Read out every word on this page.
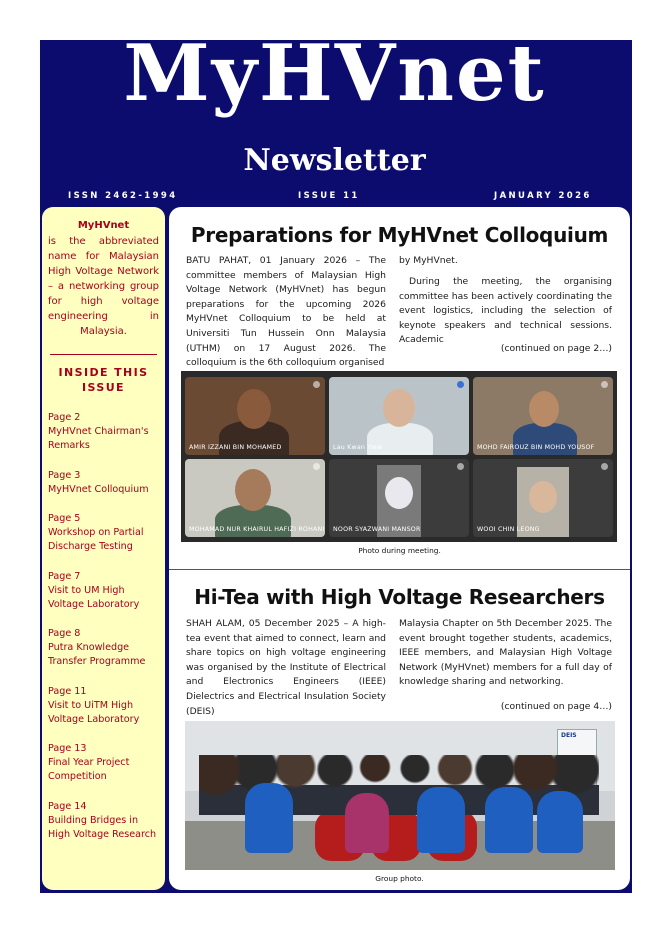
MyHVnet
Newsletter
ISSN 2462-1994	ISSUE 11	JANUARY 2026
MyHVnet
is the abbreviated name for Malaysian High Voltage Network – a networking group for high voltage engineering in Malaysia.
INSIDE THIS ISSUE
Page 2
MyHVnet Chairman's Remarks
Page 3
MyHVnet Colloquium
Page 5
Workshop on Partial Discharge Testing
Page 7
Visit to UM High Voltage Laboratory
Page 8
Putra Knowledge Transfer Programme
Page 11
Visit to UiTM High Voltage Laboratory
Page 13
Final Year Project Competition
Page 14
Building Bridges in High Voltage Research
Preparations for MyHVnet Colloquium
BATU PAHAT, 01 January 2026 – The committee members of Malaysian High Voltage Network (MyHVnet) has begun preparations for the upcoming 2026 MyHVnet Colloquium to be held at Universiti Tun Hussein Onn Malaysia (UTHM) on 17 August 2026. The colloquium is the 6th colloquium organised
by MyHVnet.
During the meeting, the organising committee has been actively coordinating the event logistics, including the selection of keynote speakers and technical sessions. Academic
(continued on page 2…)
AMIR IZZANI BIN MOHAMED	Lau Kwan Yiew	MOHD FAIROUZ BIN MOHD YOUSOF
MOHAMAD NUR KHAIRUL HAFIZI ROHANI NOOR SYAZWANI MANSOR	WOOI CHIN LEONG
Photo during meeting.
Hi-Tea with High Voltage Researchers
SHAH ALAM, 05 December 2025 – A high-tea event that aimed to connect, learn and share topics on high voltage engineering was organised by the Institute of Electrical and Electronics Engineers (IEEE) Dielectrics and Electrical Insulation Society (DEIS)
Malaysia Chapter on 5th December 2025. The event brought together students, academics, IEEE members, and Malaysian High Voltage Network (MyHVnet) members for a full day of knowledge sharing and networking.
(continued on page 4…)
DEIS
Group photo.
